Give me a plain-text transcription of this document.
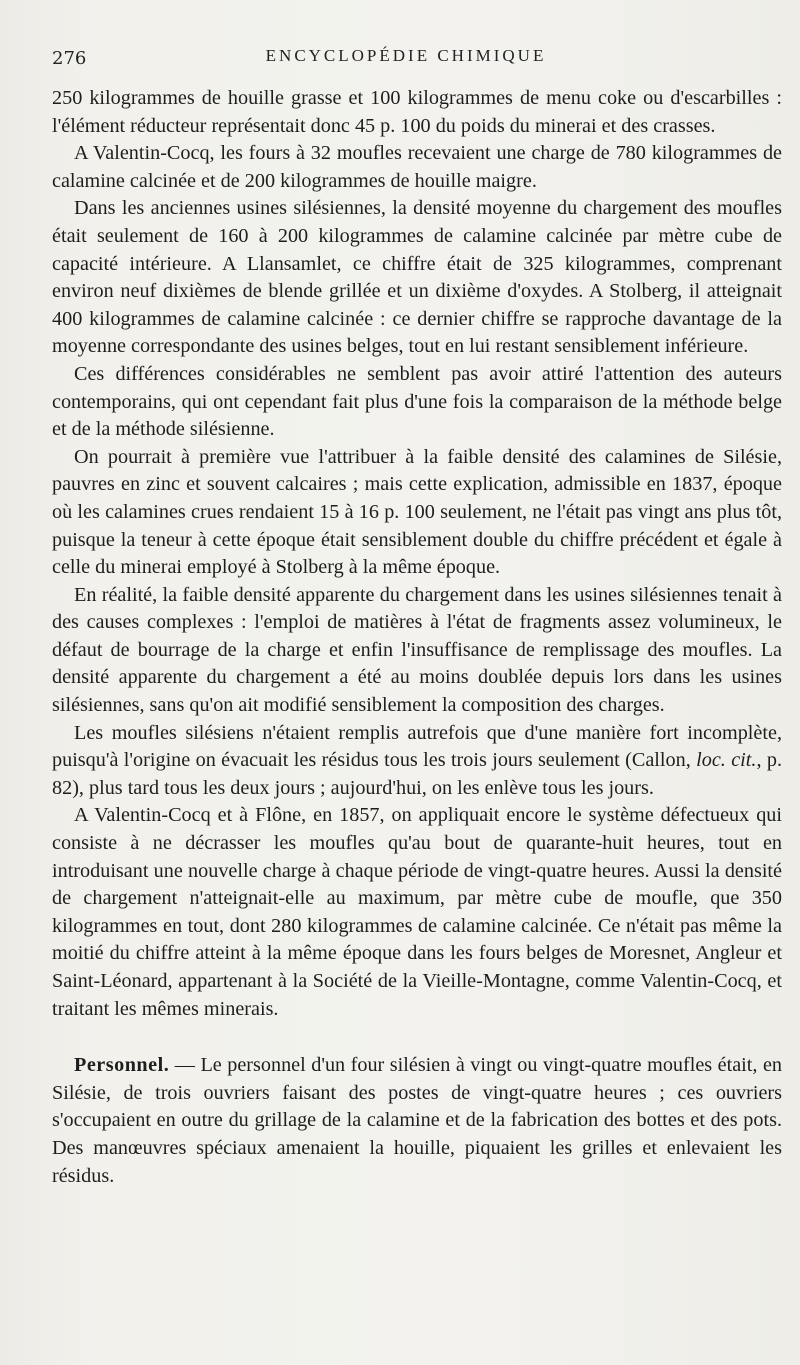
276	ENCYCLOPÉDIE CHIMIQUE

250 kilogrammes de houille grasse et 100 kilogrammes de menu coke ou d'escarbilles : l'élément réducteur représentait donc 45 p. 100 du poids du minerai et des crasses.

A Valentin-Cocq, les fours à 32 moufles recevaient une charge de 780 kilogrammes de calamine calcinée et de 200 kilogrammes de houille maigre.

Dans les anciennes usines silésiennes, la densité moyenne du chargement des moufles était seulement de 160 à 200 kilogrammes de calamine calcinée par mètre cube de capacité intérieure. A Llansamlet, ce chiffre était de 325 kilogrammes, comprenant environ neuf dixièmes de blende grillée et un dixième d'oxydes. A Stolberg, il atteignait 400 kilogrammes de calamine calcinée : ce dernier chiffre se rapproche davantage de la moyenne correspondante des usines belges, tout en lui restant sensiblement inférieure.

Ces différences considérables ne semblent pas avoir attiré l'attention des auteurs contemporains, qui ont cependant fait plus d'une fois la comparaison de la méthode belge et de la méthode silésienne.

On pourrait à première vue l'attribuer à la faible densité des calamines de Silésie, pauvres en zinc et souvent calcaires ; mais cette explication, admissible en 1837, époque où les calamines crues rendaient 15 à 16 p. 100 seulement, ne l'était pas vingt ans plus tôt, puisque la teneur à cette époque était sensiblement double du chiffre précédent et égale à celle du minerai employé à Stolberg à la même époque.

En réalité, la faible densité apparente du chargement dans les usines silésiennes tenait à des causes complexes : l'emploi de matières à l'état de fragments assez volumineux, le défaut de bourrage de la charge et enfin l'insuffisance de remplissage des moufles. La densité apparente du chargement a été au moins doublée depuis lors dans les usines silésiennes, sans qu'on ait modifié sensiblement la composition des charges.

Les moufles silésiens n'étaient remplis autrefois que d'une manière fort incomplète, puisqu'à l'origine on évacuait les résidus tous les trois jours seulement (Callon, loc. cit., p. 82), plus tard tous les deux jours ; aujourd'hui, on les enlève tous les jours.

A Valentin-Cocq et à Flône, en 1857, on appliquait encore le système défectueux qui consiste à ne décrasser les moufles qu'au bout de quarante-huit heures, tout en introduisant une nouvelle charge à chaque période de vingt-quatre heures. Aussi la densité de chargement n'atteignait-elle au maximum, par mètre cube de moufle, que 350 kilogrammes en tout, dont 280 kilogrammes de calamine calcinée. Ce n'était pas même la moitié du chiffre atteint à la même époque dans les fours belges de Moresnet, Angleur et Saint-Léonard, appartenant à la Société de la Vieille-Montagne, comme Valentin-Cocq, et traitant les mêmes minerais.

Personnel. — Le personnel d'un four silésien à vingt ou vingt-quatre moufles était, en Silésie, de trois ouvriers faisant des postes de vingt-quatre heures ; ces ouvriers s'occupaient en outre du grillage de la calamine et de la fabrication des bottes et des pots. Des manœuvres spéciaux amenaient la houille, piquaient les grilles et enlevaient les résidus.
